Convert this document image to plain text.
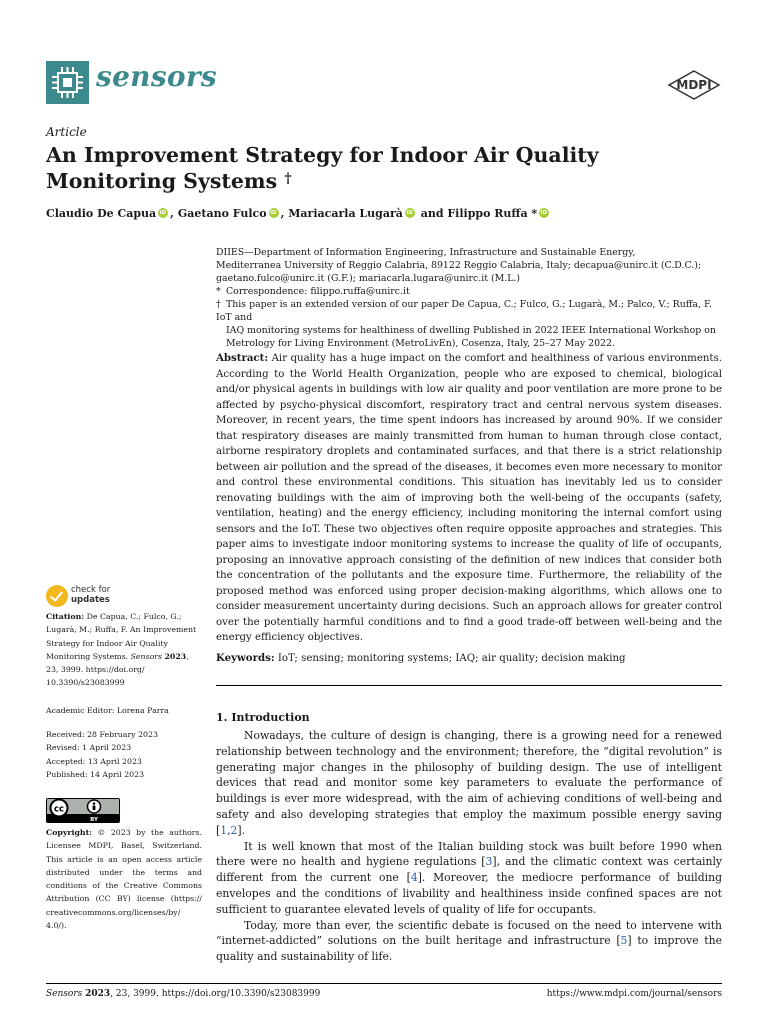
sensors	MDPI
Article
An Improvement Strategy for Indoor Air Quality Monitoring Systems †
Claudio De Capua iD , Gaetano Fulco iD , Mariacarla LugaràiD and Filippo Ruffa *iD
DIIES—Department of Information Engineering, Infrastructure and Sustainable Energy,
Mediterranea University of Reggio Calabria, 89122 Reggio Calabria, Italy; decapua@unirc.it (C.D.C.);
gaetano.fulco@unirc.it (G.F.); mariacarla.lugara@unirc.it (M.L.)
* Correspondence: filippo.ruffa@unirc.it
† This paper is an extended version of our paper De Capua, C.; Fulco, G.; Lugarà, M.; Palco, V.; Ruffa, F. IoT and
IAQ monitoring systems for healthiness of dwelling Published in 2022 IEEE International Workshop on
Metrology for Living Environment (MetroLivEn), Cosenza, Italy, 25–27 May 2022.
Abstract: Air quality has a huge impact on the comfort and healthiness of various environments. According to the World Health Organization, people who are exposed to chemical, biological and/or physical agents in buildings with low air quality and poor ventilation are more prone to be affected by psycho-physical discomfort, respiratory tract and central nervous system diseases. Moreover, in recent years, the time spent indoors has increased by around 90%. If we consider that respiratory diseases are mainly transmitted from human to human through close contact, airborne respiratory droplets and contaminated surfaces, and that there is a strict relationship between air pollution and the spread of the diseases, it becomes even more necessary to monitor and control these environmental conditions. This situation has inevitably led us to consider renovating buildings with the aim of improving both the well-being of the occupants (safety, ventilation, heating) and the energy efficiency, including monitoring the internal comfort using sensors and the IoT. These two objectives often require opposite approaches and strategies. This paper aims to investigate indoor monitoring systems to increase the quality of life of occupants, proposing an innovative approach consisting of the definition of new indices that consider both the concentration of the pollutants and the exposure time. Furthermore, the reliability of the proposed method was enforced using proper decision-making algorithms, which allows one to consider measurement uncertainty during decisions. Such an approach allows for greater control over the potentially harmful conditions and to find a good trade-off between well-being and the energy efficiency objectives.
Keywords: IoT; sensing; monitoring systems; IAQ; air quality; decision making
1. Introduction

Nowadays, the culture of design is changing, there is a growing need for a renewed relationship between technology and the environment; therefore, the “digital revolution” is generating major changes in the philosophy of building design. The use of intelligent devices that read and monitor some key parameters to evaluate the performance of buildings is ever more widespread, with the aim of achieving conditions of well-being and safety and also developing strategies that employ the maximum possible energy saving [1,2].

It is well known that most of the Italian building stock was built before 1990 when there were no health and hygiene regulations [3], and the climatic context was certainly different from the current one [4]. Moreover, the mediocre performance of building envelopes and the conditions of livability and healthiness inside confined spaces are not sufficient to guarantee elevated levels of quality of life for occupants.

Today, more than ever, the scientific debate is focused on the need to intervene with “internet-addicted” solutions on the built heritage and infrastructure [5] to improve the quality and sustainability of life.

check for
updates
Citation: De Capua, C.; Fulco, G.; Lugarà, M.; Ruffa, F. An Improvement Strategy for Indoor Air Quality Monitoring Systems. Sensors 2023, 23, 3999. https://doi.org/ 10.3390/s23083999
Academic Editor: Lorena Parra
Received: 28 February 2023
Revised: 1 April 2023
Accepted: 13 April 2023
Published: 14 April 2023
cc
BY
Copyright: © 2023 by the authors. Licensee MDPI, Basel, Switzerland. This article is an open access article distributed under the terms and conditions of the Creative Commons Attribution (CC BY) license (https:// creativecommons.org/licenses/by/ 4.0/).
Sensors 2023, 23, 3999. https://doi.org/10.3390/s23083999	https://www.mdpi.com/journal/sensors
